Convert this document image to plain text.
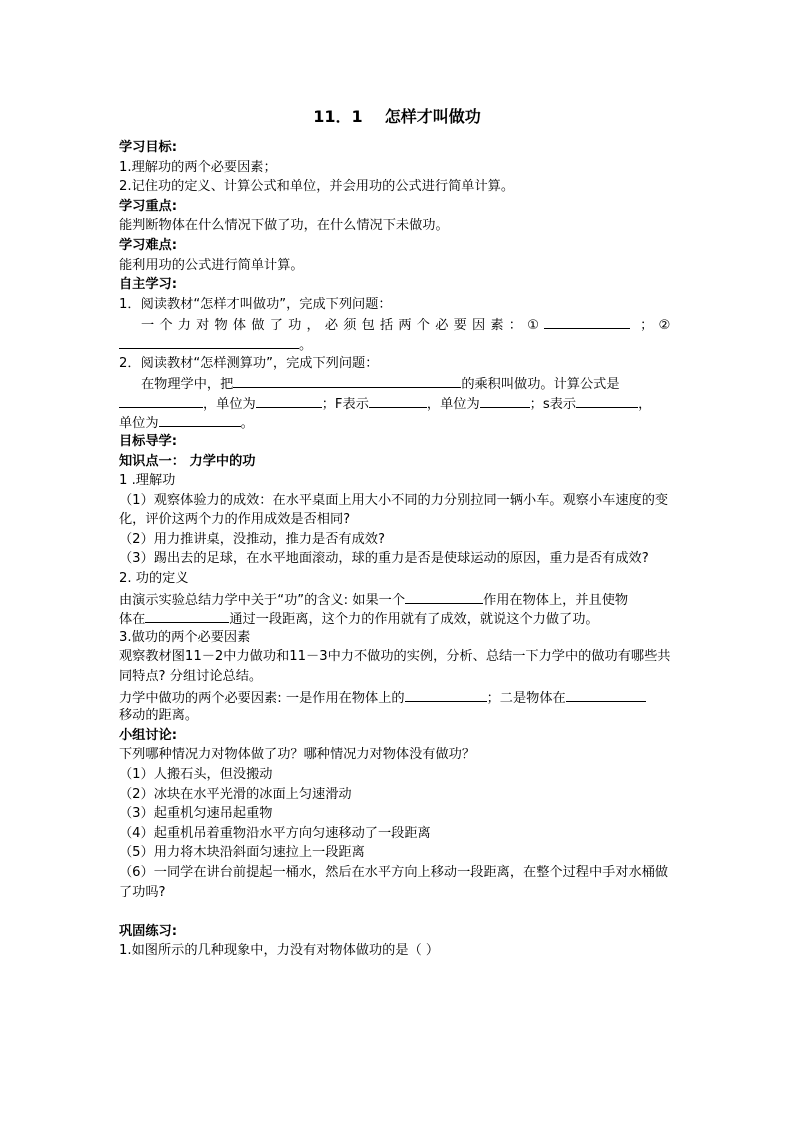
11．1 怎样才叫做功
学习目标:
1.理解功的两个必要因素；
2.记住功的定义、计算公式和单位，并会用功的公式进行简单计算。
学习重点:
能判断物体在什么情况下做了功，在什么情况下未做功。
学习难点:
能利用功的公式进行简单计算。
自主学习:
1．阅读教材“怎样才叫做功”，完成下列问题：
一个力对物体做了功，必须包括两个必要因素：①	；②
。
2．阅读教材“怎样测算功”，完成下列问题：
在物理学中，把	的乘积叫做功。计算公式是
，单位为	；F表示	，单位为	；s表示	，
单位为	。
目标导学:
知识点一： 力学中的功
1 .理解功
（1）观察体验力的成效：在水平桌面上用大小不同的力分别拉同一辆小车。观察小车速度的变化，评价这两个力的作用成效是否相同?
（2）用力推讲桌，没推动，推力是否有成效?
（3）踢出去的足球，在水平地面滚动，球的重力是否是使球运动的原因，重力是否有成效?
2. 功的定义
由演示实验总结力学中关于“功”的含义: 如果一个	作用在物体上，并且使物
体在	通过一段距离，这个力的作用就有了成效，就说这个力做了功。
3.做功的两个必要因素
观察教材图11－2中力做功和11－3中力不做功的实例，分析、总结一下力学中的做功有哪些共同特点? 分组讨论总结。
力学中做功的两个必要因素: 一是作用在物体上的	；二是物体在
移动的距离。
小组讨论:
下列哪种情况力对物体做了功？哪种情况力对物体没有做功？
（1）人搬石头，但没搬动
（2）冰块在水平光滑的冰面上匀速滑动
（3）起重机匀速吊起重物
（4）起重机吊着重物沿水平方向匀速移动了一段距离
（5）用力将木块沿斜面匀速拉上一段距离
（6）一同学在讲台前提起一桶水，然后在水平方向上移动一段距离，在整个过程中手对水桶做了功吗?
巩固练习:
1.如图所示的几种现象中，力没有对物体做功的是（ ）
